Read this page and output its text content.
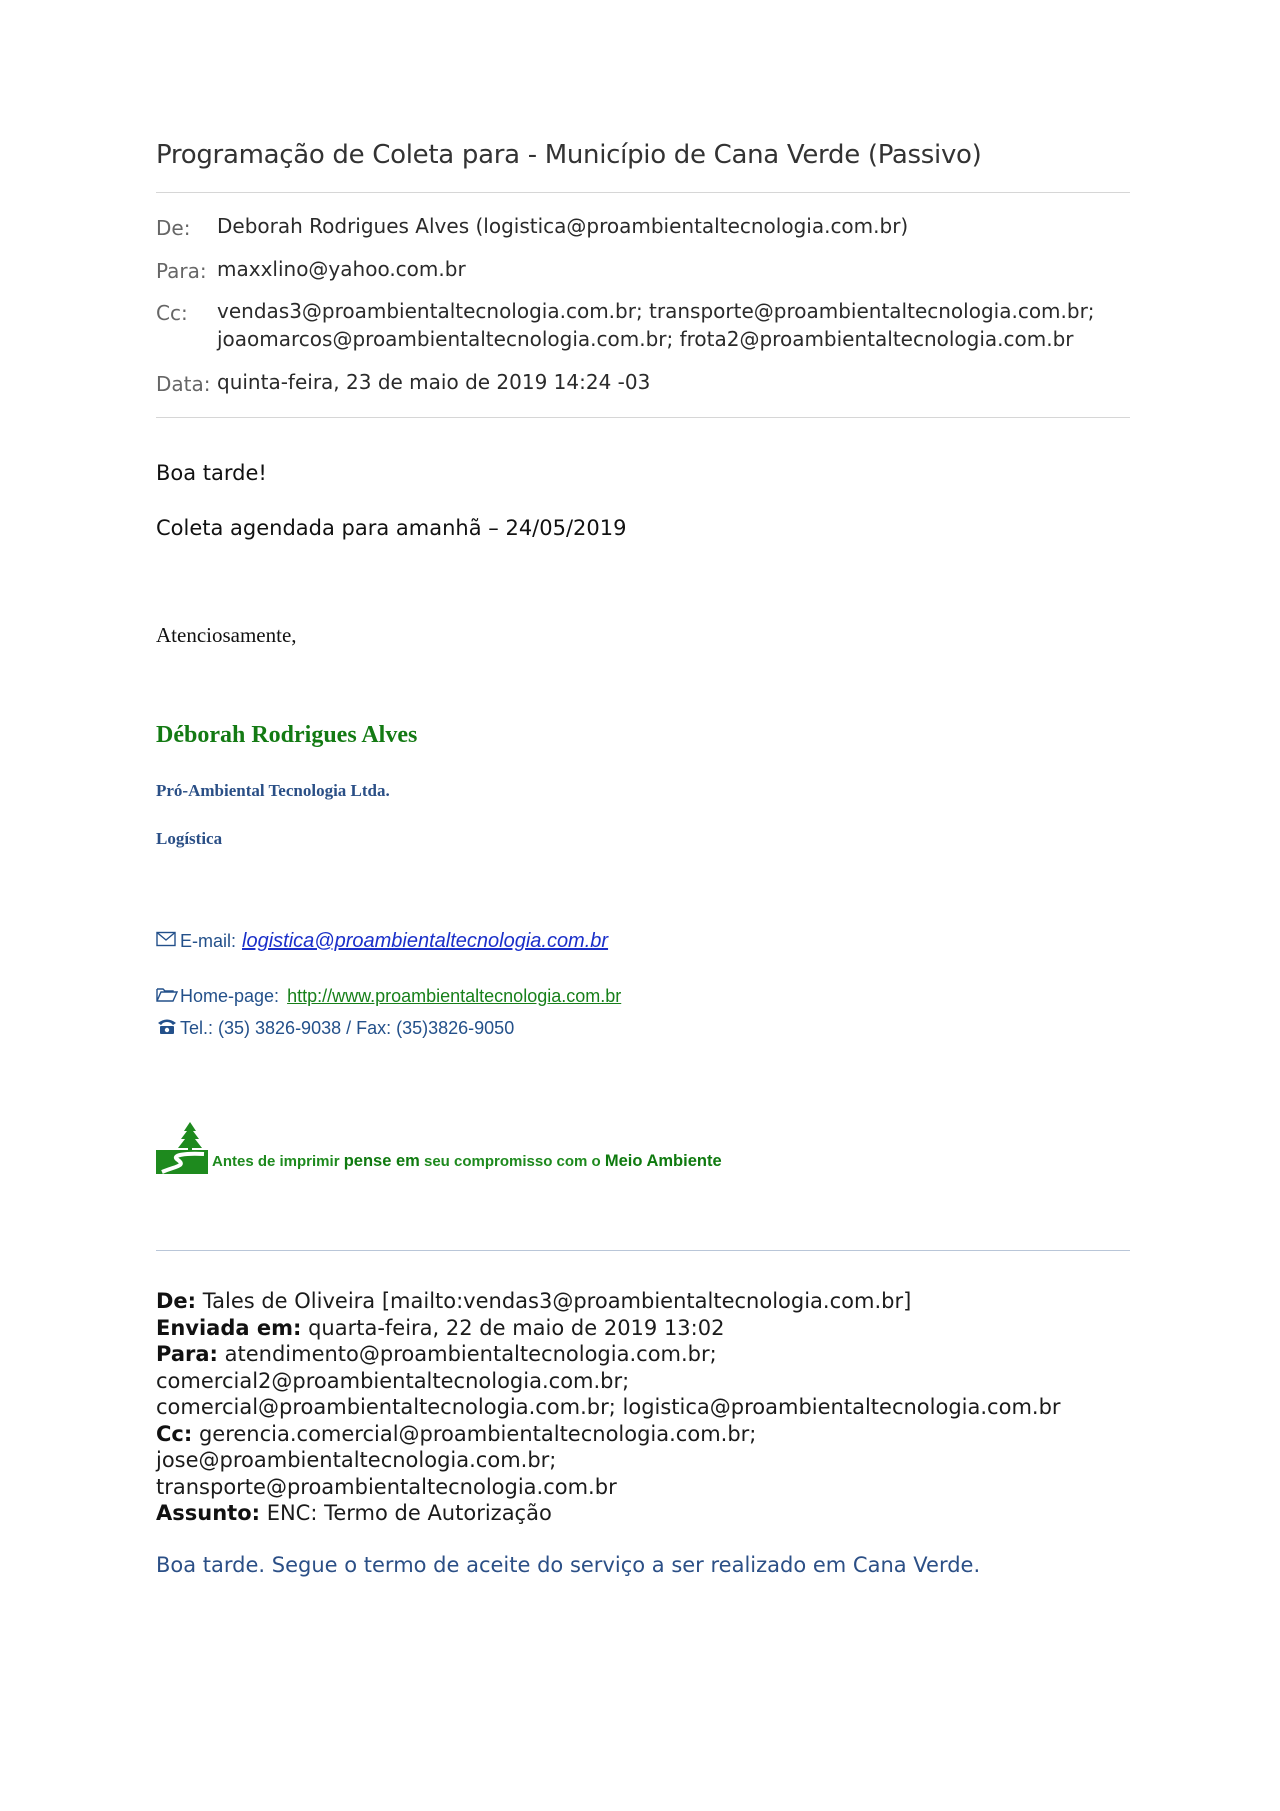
Programação de Coleta para - Município de Cana Verde (Passivo)
De: Deborah Rodrigues Alves (logistica@proambientaltecnologia.com.br)
Para: maxxlino@yahoo.com.br
Cc: vendas3@proambientaltecnologia.com.br; transporte@proambientaltecnologia.com.br;
joaomarcos@proambientaltecnologia.com.br; frota2@proambientaltecnologia.com.br
Data: quinta-feira, 23 de maio de 2019 14:24 -03
Boa tarde!
Coleta agendada para amanhã – 24/05/2019
Atenciosamente,
Déborah Rodrigues Alves
Pró-Ambiental Tecnologia Ltda.
Logística
E-mail: logistica@proambientaltecnologia.com.br
Home-page: http://www.proambientaltecnologia.com.br
Tel.: (35) 3826-9038 / Fax: (35)3826-9050
Antes de imprimir pense em seu compromisso com o Meio Ambiente
De: Tales de Oliveira [mailto:vendas3@proambientaltecnologia.com.br]
Enviada em: quarta-feira, 22 de maio de 2019 13:02
Para: atendimento@proambientaltecnologia.com.br; comercial2@proambientaltecnologia.com.br;
comercial@proambientaltecnologia.com.br; logistica@proambientaltecnologia.com.br
Cc: gerencia.comercial@proambientaltecnologia.com.br; jose@proambientaltecnologia.com.br;
transporte@proambientaltecnologia.com.br
Assunto: ENC: Termo de Autorização
Boa tarde. Segue o termo de aceite do serviço a ser realizado em Cana Verde.
